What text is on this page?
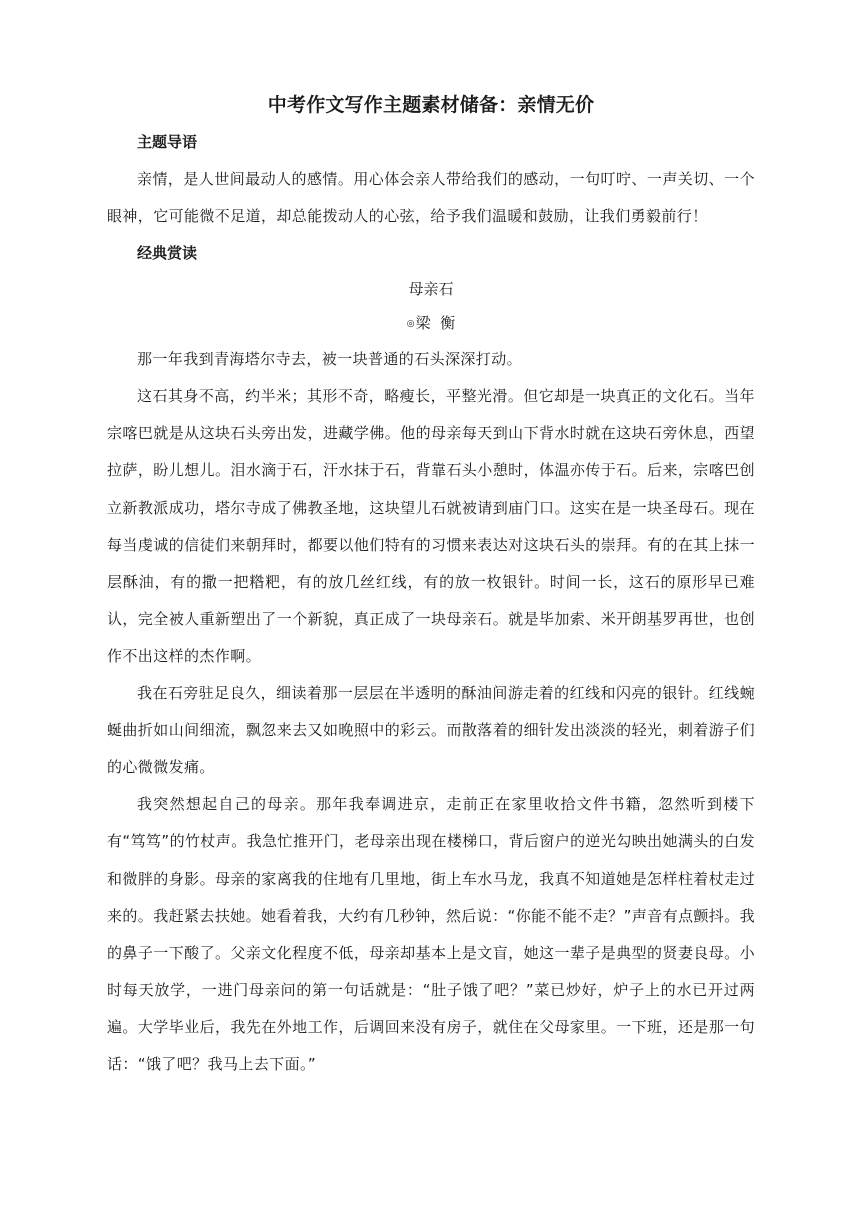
中考作文写作主题素材储备：亲情无价
主题导语

亲情，是人世间最动人的感情。用心体会亲人带给我们的感动，一句叮咛、一声关切、一个眼神，它可能微不足道，却总能拨动人的心弦，给予我们温暖和鼓励，让我们勇毅前行！

经典赏读
母亲石
◎梁  衡

那一年我到青海塔尔寺去，被一块普通的石头深深打动。

这石其身不高，约半米；其形不奇，略瘦长，平整光滑。但它却是一块真正的文化石。当年宗喀巴就是从这块石头旁出发，进藏学佛。他的母亲每天到山下背水时就在这块石旁休息，西望拉萨，盼儿想儿。泪水滴于石，汗水抹于石，背靠石头小憩时，体温亦传于石。后来，宗喀巴创立新教派成功，塔尔寺成了佛教圣地，这块望儿石就被请到庙门口。这实在是一块圣母石。现在每当虔诚的信徒们来朝拜时，都要以他们特有的习惯来表达对这块石头的崇拜。有的在其上抹一层酥油，有的撒一把糌粑，有的放几丝红线，有的放一枚银针。时间一长，这石的原形早已难认，完全被人重新塑出了一个新貌，真正成了一块母亲石。就是毕加索、米开朗基罗再世，也创作不出这样的杰作啊。

我在石旁驻足良久，细读着那一层层在半透明的酥油间游走着的红线和闪亮的银针。红线蜿蜒曲折如山间细流，飘忽来去又如晚照中的彩云。而散落着的细针发出淡淡的轻光，刺着游子们的心微微发痛。

我突然想起自己的母亲。那年我奉调进京，走前正在家里收拾文件书籍，忽然听到楼下有“笃笃”的竹杖声。我急忙推开门，老母亲出现在楼梯口，背后窗户的逆光勾映出她满头的白发和微胖的身影。母亲的家离我的住地有几里地，街上车水马龙，我真不知道她是怎样柱着杖走过来的。我赶紧去扶她。她看着我，大约有几秒钟，然后说：“你能不能不走？”声音有点颤抖。我的鼻子一下酸了。父亲文化程度不低，母亲却基本上是文盲，她这一辈子是典型的贤妻良母。小时每天放学，一进门母亲问的第一句话就是：“肚子饿了吧？”菜已炒好，炉子上的水已开过两遍。大学毕业后，我先在外地工作，后调回来没有房子，就住在父母家里。一下班，还是那一句话：“饿了吧？我马上去下面。”
